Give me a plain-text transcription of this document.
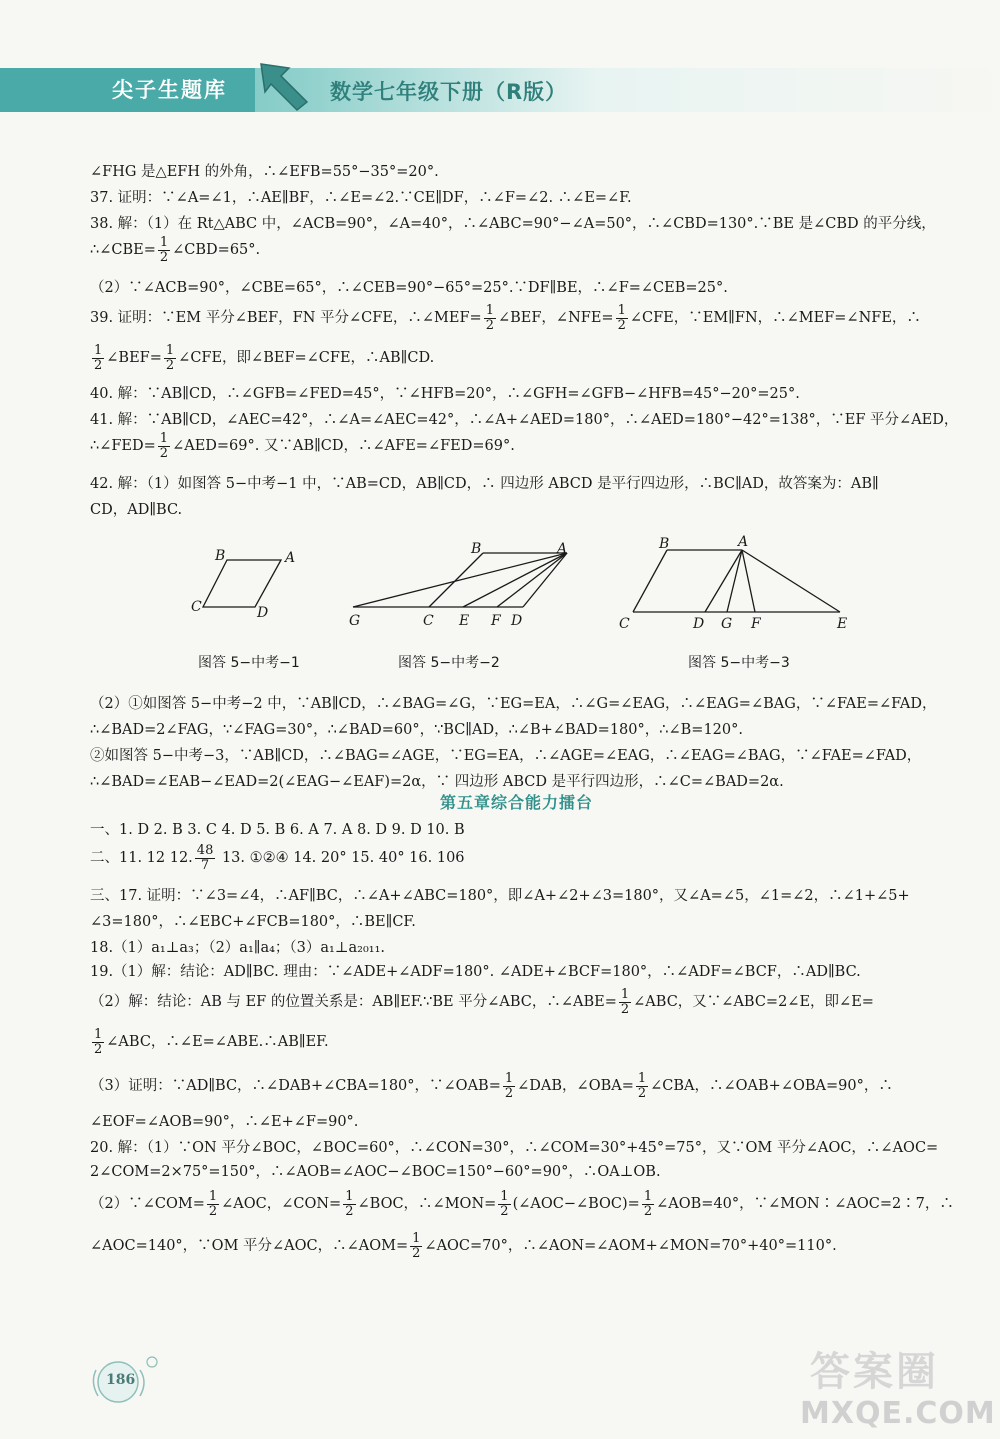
尖子生题库	数学七年级下册（R版）
∠FHG 是△EFH 的外角，∴∠EFB=55°−35°=20°.
37. 证明：∵∠A=∠1，∴AE∥BF，∴∠E=∠2.∵CE∥DF，∴∠F=∠2. ∴∠E=∠F.
38. 解：（1）在 Rt△ABC 中，∠ACB=90°，∠A=40°，∴∠ABC=90°−∠A=50°，∴∠CBD=130°.∵BE 是∠CBD 的平分线，
∴∠CBE= $\frac{1}{2}$ ∠CBD=65°.
（2）∵∠ACB=90°，∠CBE=65°，∴∠CEB=90°−65°=25°.∵DF∥BE，∴∠F=∠CEB=25°.
39. 证明：∵EM 平分∠BEF，FN 平分∠CFE，∴∠MEF= $\frac{1}{2}$ ∠BEF，∠NFE= $\frac{1}{2}$ ∠CFE，∵EM∥FN，∴∠MEF=∠NFE，∴
$\frac{1}{2}$ ∠BEF= $\frac{1}{2}$ ∠CFE，即∠BEF=∠CFE，∴AB∥CD.
40. 解：∵AB∥CD，∴∠GFB=∠FED=45°，∵∠HFB=20°，∴∠GFH=∠GFB−∠HFB=45°−20°=25°.
41. 解：∵AB∥CD，∠AEC=42°，∴∠A=∠AEC=42°，∴∠A+∠AED=180°，∴∠AED=180°−42°=138°，∵EF 平分∠AED，
∴∠FED= $\frac{1}{2}$ ∠AED=69°. 又∵AB∥CD，∴∠AFE=∠FED=69°.
42. 解：（1）如图答 5−中考−1 中，∵AB=CD，AB∥CD，∴ 四边形 ABCD 是平行四边形，∴BC∥AD，故答案为：AB∥
CD，AD∥BC.
B	A
C	D
图答 5−中考−1
B	A
G	C E F D
图答 5−中考−2
B	A
C	D G F	E
图答 5−中考−3
（2）①如图答 5−中考−2 中，∵AB∥CD，∴∠BAG=∠G，∵EG=EA，∴∠G=∠EAG，∴∠EAG=∠BAG，∵∠FAE=∠FAD，
∴∠BAD=2∠FAG，∵∠FAG=30°，∴∠BAD=60°，∵BC∥AD，∴∠B+∠BAD=180°，∴∠B=120°.
②如图答 5−中考−3，∵AB∥CD，∴∠BAG=∠AGE，∵EG=EA，∴∠AGE=∠EAG，∴∠EAG=∠BAG，∵∠FAE=∠FAD，
∴∠BAD=∠EAB−∠EAD=2(∠EAG−∠EAF)=2α，∵ 四边形 ABCD 是平行四边形，∴∠C=∠BAD=2α.
第五章综合能力擂台
一、1. D 2. B 3. C 4. D 5. B 6. A 7. A 8. D 9. D 10. B
二、11. 12 12. $\frac{48}{7} 13$. ①②④ 14. 20° 15. 40° 16. 106
三、17. 证明：∵∠3=∠4，∴AF∥BC，∴∠A+∠ABC=180°，即∠A+∠2+∠3=180°，又∠A=∠5，∠1=∠2，∴∠1+∠5+
∠3=180°，∴∠EBC+∠FCB=180°，∴BE∥CF.
18.（1）a₁⊥a₃；（2）a₁∥a₄；（3）a₁⊥a₂₀₁₁.
19.（1）解：结论：AD∥BC. 理由：∵∠ADE+∠ADF=180°. ∠ADE+∠BCF=180°，∴∠ADF=∠BCF，∴AD∥BC.
（2）解：结论：AB 与 EF 的位置关系是：AB∥EF.∵BE 平分∠ABC，∴∠ABE= $\frac{1}{2}$ ∠ABC，又∵∠ABC=2∠E，即∠E=
$\frac{1}{2}$ ∠ABC，∴∠E=∠ABE.∴AB∥EF.
（3）证明：∵AD∥BC，∴∠DAB+∠CBA=180°，∵∠OAB= $\frac{1}{2}$ ∠DAB，∠OBA= $\frac{1}{2}$ ∠CBA，∴∠OAB+∠OBA=90°，∴
∠EOF=∠AOB=90°，∴∠E+∠F=90°.
20. 解：（1）∵ON 平分∠BOC，∠BOC=60°，∴∠CON=30°，∴∠COM=30°+45°=75°，又∵OM 平分∠AOC，∴∠AOC=
2∠COM=2×75°=150°，∴∠AOB=∠AOC−∠BOC=150°−60°=90°，∴OA⊥OB.
（2）∵∠COM= $\frac{1}{2}$ ∠AOC，∠CON= $\frac{1}{2}$ ∠BOC，∴∠MON= $\frac{1}{2}$ (∠AOC−∠BOC)= $\frac{1}{2}$ ∠AOB=40°，∵∠MON∶∠AOC=2∶7，∴
∠AOC=140°，∵OM 平分∠AOC，∴∠AOM= $\frac{1}{2}$ ∠AOC=70°，∴∠AON=∠AOM+∠MON=70°+40°=110°.
186	答案圈
MXQE.COM
